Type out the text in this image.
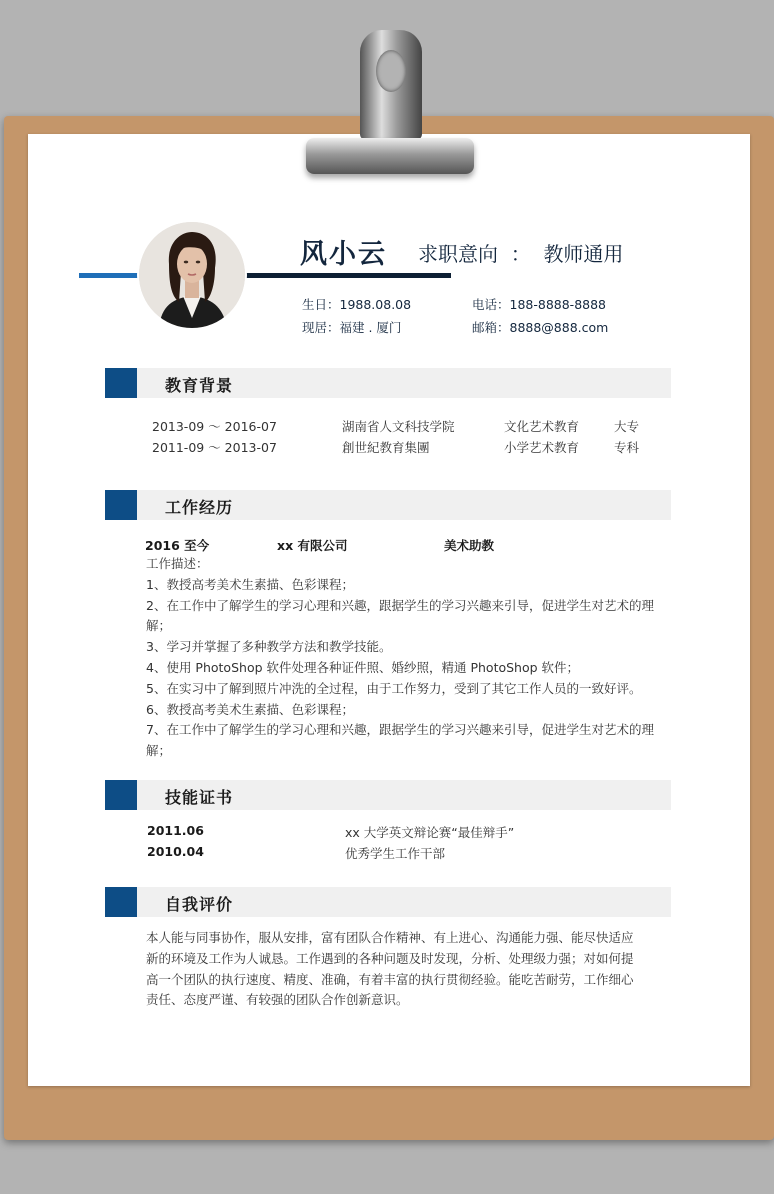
风小云 求职意向 ： 教师通用
生日：1988.08.08	电话：188-8888-8888
现居：福建 . 厦门	邮箱：8888@888.com
教育背景
2013-09 ～ 2016-07	湖南省人文科技学院	文化艺术教育	大专
2011-09 ～ 2013-07	創世紀教育集團	小学艺术教育	专科
工作经历
2016 至今	xx 有限公司	美术助教
工作描述：
1、教授高考美术生素描、色彩课程；
2、在工作中了解学生的学习心理和兴趣，跟据学生的学习兴趣来引导，促进学生对艺术的理
解；
3、学习并掌握了多种教学方法和教学技能。
4、使用 PhotoShop 软件处理各种证件照、婚纱照，精通 PhotoShop 软件；
5、在实习中了解到照片冲洗的全过程，由于工作努力，受到了其它工作人员的一致好评。
6、教授高考美术生素描、色彩课程；
7、在工作中了解学生的学习心理和兴趣，跟据学生的学习兴趣来引导，促进学生对艺术的理
解；
技能证书
2011.06	xx 大学英文辩论赛“最佳辩手”
2010.04	优秀学生工作干部
自我评价
本人能与同事协作，服从安排，富有团队合作精神、有上进心、沟通能力强、能尽快适应
新的环境及工作为人诚恳。工作遇到的各种问题及时发现，分析、处理级力强；对如何提
高一个团队的执行速度、精度、准确，有着丰富的执行贯彻经验。能吃苦耐劳，工作细心
责任、态度严谨、有较强的团队合作创新意识。
